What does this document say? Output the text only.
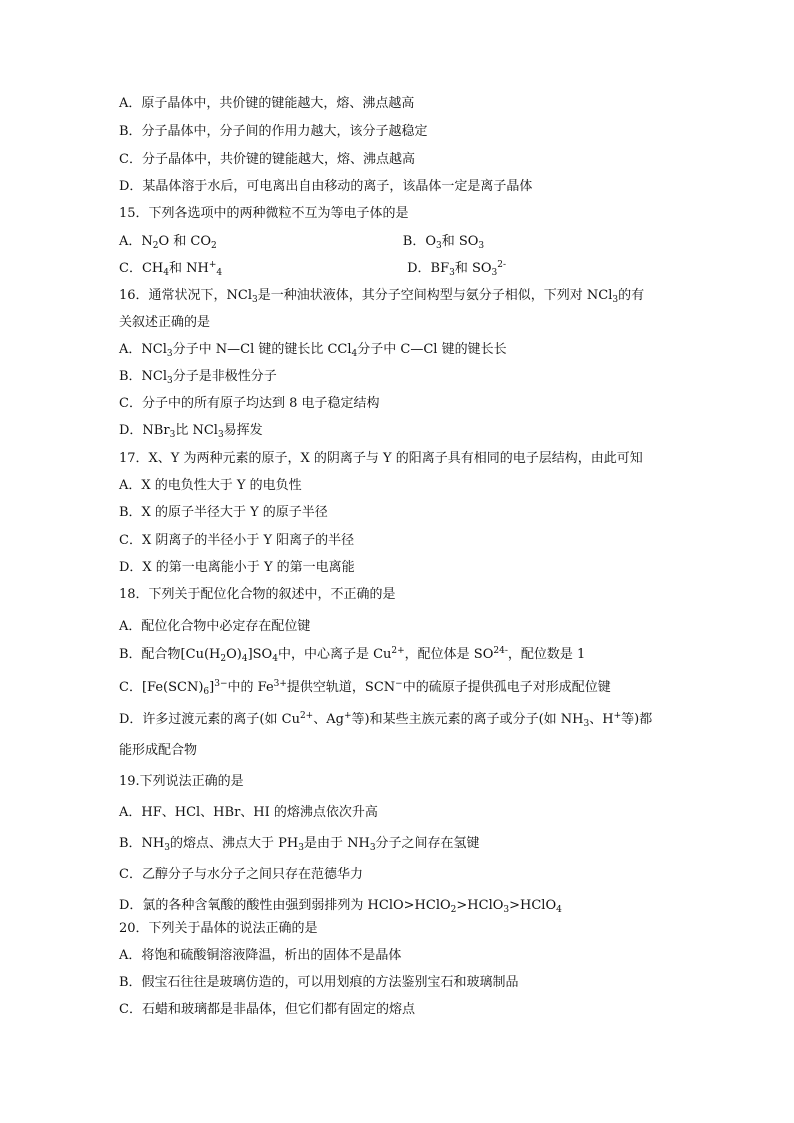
A．原子晶体中，共价键的键能越大，熔、沸点越高
B．分子晶体中，分子间的作用力越大，该分子越稳定
C．分子晶体中，共价键的键能越大，熔、沸点越高
D．某晶体溶于水后，可电离出自由移动的离子，该晶体一定是离子晶体
15．下列各选项中的两种微粒不互为等电子体的是
A．$N_2O$ 和 $CO_2$	B．$O_3$和 $SO_3$
C．$CH_4$和 $NH^+_4$	D．$BF_3$和 $SO_3^{2-}$
16．通常状况下，NCl$_3$是一种油状液体，其分子空间构型与氨分子相似，下列对 NCl$_3$的有
关叙述正确的是
A．NCl$_3$分子中 N—Cl 键的键长比 CCl$_4$分子中 C—Cl 键的键长长
B．NCl$_3$分子是非极性分子
C．分子中的所有原子均达到 8 电子稳定结构
D．NBr$_3$比 NCl$_3$易挥发
17．X、Y 为两种元素的原子，X 的阴离子与 Y 的阳离子具有相同的电子层结构，由此可知
A．X 的电负性大于 Y 的电负性
B．X 的原子半径大于 Y 的原子半径
C．X 阴离子的半径小于 Y 阳离子的半径
D．X 的第一电离能小于 Y 的第一电离能
18．下列关于配位化合物的叙述中，不正确的是
A．配位化合物中必定存在配位键
B．配合物$[Cu(H_2O)_4]SO_4$中，中心离子是 $Cu^{2+}$，配位体是 $SO^{24-}$，配位数是 1
C．$[Fe(SCN)_6]^{3-}$中的 $Fe^{3+}$提供空轨道，SCN−中的硫原子提供孤电子对形成配位键
D．许多过渡元素的离子(如 $Cu^{2+}$、Ag+等)和某些主族元素的离子或分子(如 $NH_3$、H+等)都
能形成配合物
19.下列说法正确的是
A．HF、HCl、HBr、HI 的熔沸点依次升高
B．$NH_3$的熔点、沸点大于 $PH_3$是由于 $NH_3$分子之间存在氢键
C．乙醇分子与水分子之间只存在范德华力
D．氯的各种含氧酸的酸性由强到弱排列为 HClO>HClO$_2$>HClO$_3$>HClO$_4$
20．下列关于晶体的说法正确的是
A．将饱和硫酸铜溶液降温，析出的固体不是晶体
B．假宝石往往是玻璃仿造的，可以用划痕的方法鉴别宝石和玻璃制品
C．石蜡和玻璃都是非晶体，但它们都有固定的熔点
